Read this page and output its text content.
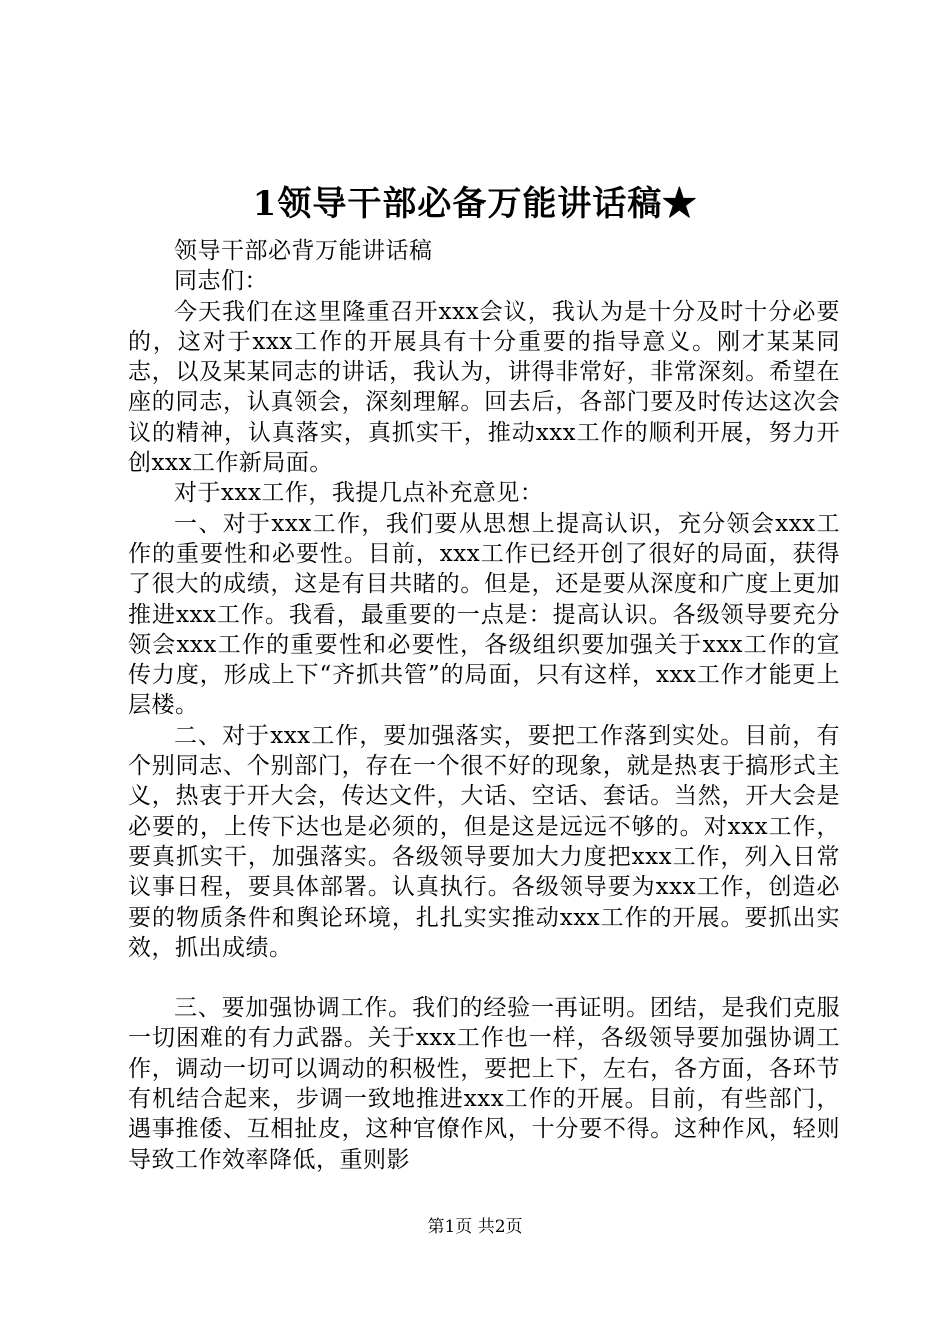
1领导干部必备万能讲话稿★

领导干部必背万能讲话稿

同志们：

今天我们在这里隆重召开xxx会议，我认为是十分及时十分必要的，这对于xxx工作的开展具有十分重要的指导意义。刚才某某同志，以及某某同志的讲话，我认为，讲得非常好，非常深刻。希望在座的同志，认真领会，深刻理解。回去后，各部门要及时传达这次会议的精神，认真落实，真抓实干，推动xxx工作的顺利开展，努力开创xxx工作新局面。

对于xxx工作，我提几点补充意见：

一、对于xxx工作，我们要从思想上提高认识，充分领会xxx工作的重要性和必要性。目前，xxx工作已经开创了很好的局面，获得了很大的成绩，这是有目共睹的。但是，还是要从深度和广度上更加推进xxx工作。我看，最重要的一点是：提高认识。各级领导要充分领会xxx工作的重要性和必要性，各级组织要加强关于xxx工作的宣传力度，形成上下“齐抓共管”的局面，只有这样，xxx工作才能更上层楼。

二、对于xxx工作，要加强落实，要把工作落到实处。目前，有个别同志、个别部门，存在一个很不好的现象，就是热衷于搞形式主义，热衷于开大会，传达文件，大话、空话、套话。当然，开大会是必要的，上传下达也是必须的，但是这是远远不够的。对xxx工作，要真抓实干，加强落实。各级领导要加大力度把xxx工作，列入日常议事日程，要具体部署。认真执行。各级领导要为xxx工作，创造必要的物质条件和舆论环境，扎扎实实推动xxx工作的开展。要抓出实效，抓出成绩。

三、要加强协调工作。我们的经验一再证明。团结，是我们克服一切困难的有力武器。关于xxx工作也一样，各级领导要加强协调工作，调动一切可以调动的积极性，要把上下，左右，各方面，各环节有机结合起来，步调一致地推进xxx工作的开展。目前，有些部门，遇事推倭、互相扯皮，这种官僚作风，十分要不得。这种作风，轻则导致工作效率降低，重则影

第1页 共2页
